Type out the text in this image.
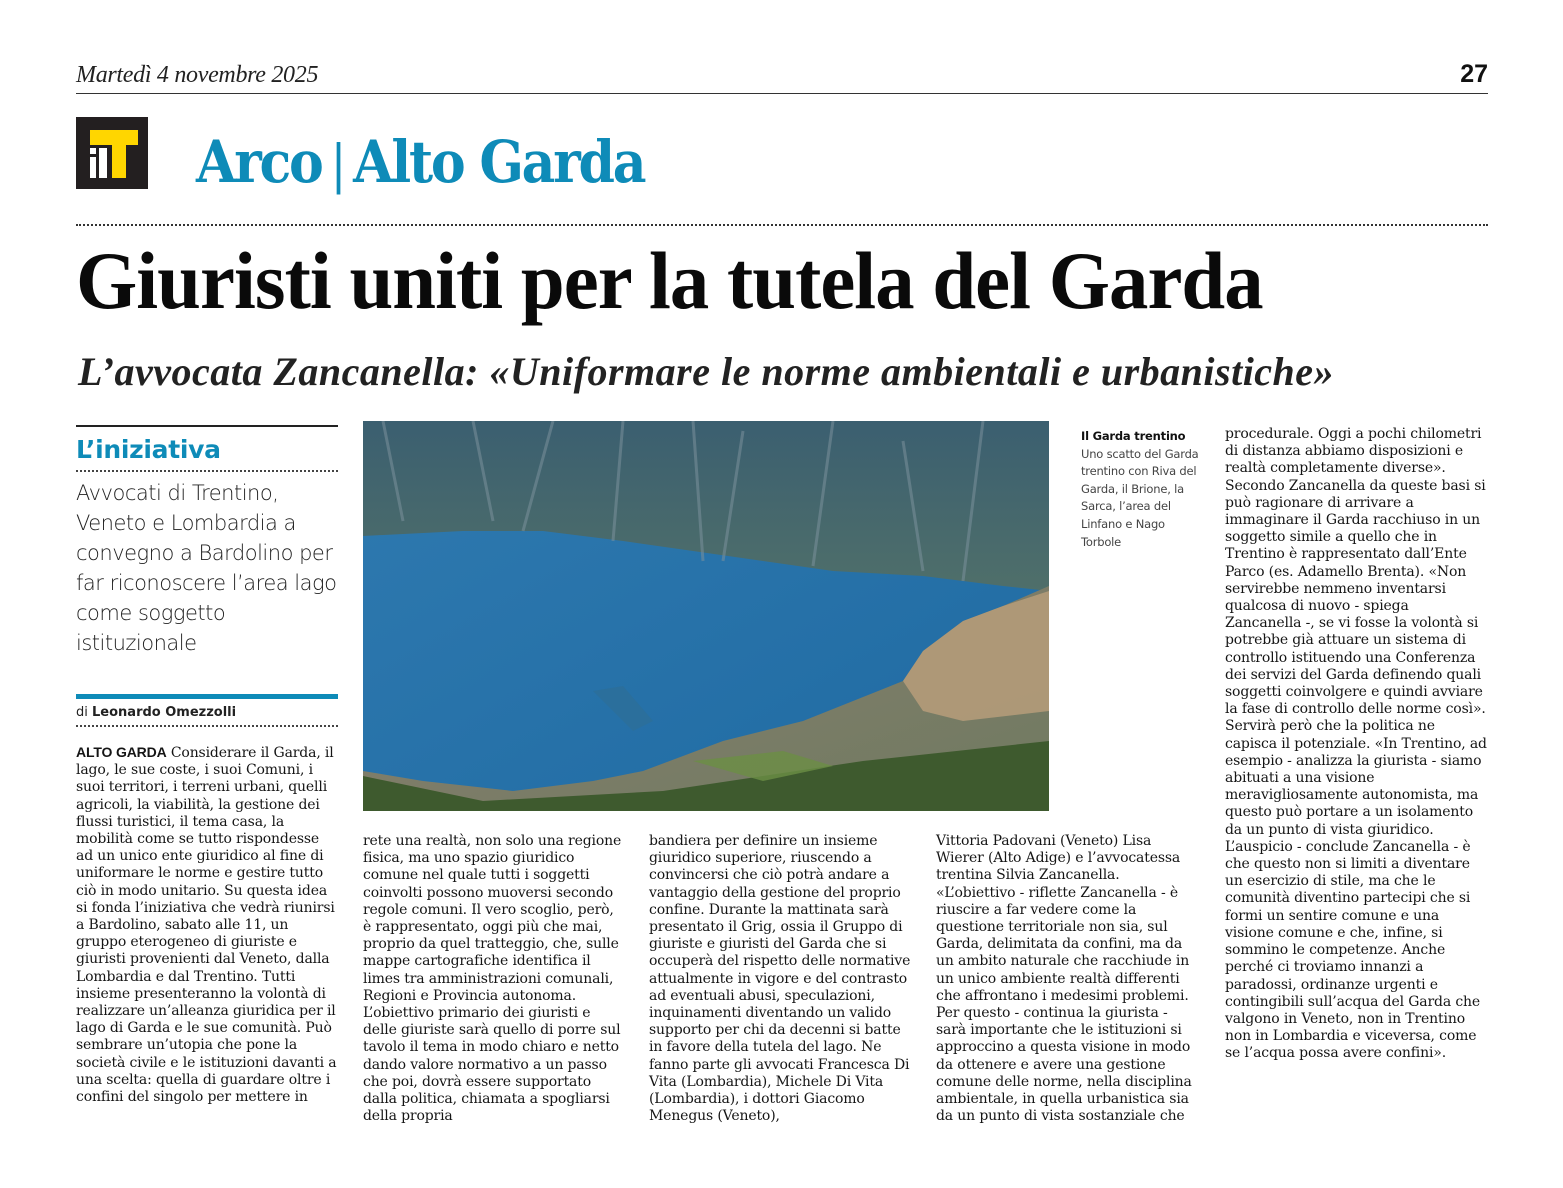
Martedì 4 novembre 2025	27
Arco | Alto Garda
Giuristi uniti per la tutela del Garda
L’avvocata Zancanella: «Uniformare le norme ambientali e urbanistiche»
L’iniziativa
Avvocati di Trentino, Veneto e Lombardia a convegno a Bardolino per far riconoscere l’area lago come soggetto istituzionale
di Leonardo Omezzolli
Il Garda trentino
Uno scatto del Garda trentino con Riva del Garda, il Brione, la Sarca, l’area del Linfano e Nago Torbole

ALTO GARDA Considerare il Garda, il lago, le sue coste, i suoi Comuni, i suoi territori, i terreni urbani, quelli agricoli, la viabilità, la gestione dei flussi turistici, il tema casa, la mobilità come se tutto rispondesse ad un unico ente giuridico al fine di uniformare le norme e gestire tutto ciò in modo unitario. Su questa idea si fonda l’iniziativa che vedrà riunirsi a Bardolino, sabato alle 11, un gruppo eterogeneo di giuriste e giuristi provenienti dal Veneto, dalla Lombardia e dal Trentino. Tutti insieme presenteranno la volontà di realizzare un’alleanza giuridica per il lago di Garda e le sue comunità. Può sembrare un’utopia che pone la società civile e le istituzioni davanti a una scelta: quella di guardare oltre i confini del singolo per mettere in

rete una realtà, non solo una regione fisica, ma uno spazio giuridico comune nel quale tutti i soggetti coinvolti possono muoversi secondo regole comuni. Il vero scoglio, però, è rappresentato, oggi più che mai, proprio da quel tratteggio, che, sulle mappe cartografiche identifica il limes tra amministrazioni comunali, Regioni e Provincia autonoma. L’obiettivo primario dei giuristi e delle giuriste sarà quello di porre sul tavolo il tema in modo chiaro e netto dando valore normativo a un passo che poi, dovrà essere supportato dalla politica, chiamata a spogliarsi della propria

bandiera per definire un insieme giuridico superiore, riuscendo a convincersi che ciò potrà andare a vantaggio della gestione del proprio confine. Durante la mattinata sarà presentato il Grig, ossia il Gruppo di giuriste e giuristi del Garda che si occuperà del rispetto delle normative attualmente in vigore e del contrasto ad eventuali abusi, speculazioni, inquinamenti diventando un valido supporto per chi da decenni si batte in favore della tutela del lago. Ne fanno parte gli avvocati Francesca Di Vita (Lombardia), Michele Di Vita (Lombardia), i dottori Giacomo Menegus (Veneto),

Vittoria Padovani (Veneto) Lisa Wierer (Alto Adige) e l’avvocatessa trentina Silvia Zancanella. «L’obiettivo - riflette Zancanella - è riuscire a far vedere come la questione territoriale non sia, sul Garda, delimitata da confini, ma da un ambito naturale che racchiude in un unico ambiente realtà differenti che affrontano i medesimi problemi. Per questo - continua la giurista - sarà importante che le istituzioni si approccino a questa visione in modo da ottenere e avere una gestione comune delle norme, nella disciplina ambientale, in quella urbanistica sia da un punto di vista sostanziale che

procedurale. Oggi a pochi chilometri di distanza abbiamo disposizioni e realtà completamente diverse». Secondo Zancanella da queste basi si può ragionare di arrivare a immaginare il Garda racchiuso in un soggetto simile a quello che in Trentino è rappresentato dall’Ente Parco (es. Adamello Brenta). «Non servirebbe nemmeno inventarsi qualcosa di nuovo - spiega Zancanella -, se vi fosse la volontà si potrebbe già attuare un sistema di controllo istituendo una Conferenza dei servizi del Garda definendo quali soggetti coinvolgere e quindi avviare la fase di controllo delle norme così». Servirà però che la politica ne capisca il potenziale. «In Trentino, ad esempio - analizza la giurista - siamo abituati a una visione meravigliosamente autonomista, ma questo può portare a un isolamento da un punto di vista giuridico. L’auspicio - conclude Zancanella - è che questo non si limiti a diventare un esercizio di stile, ma che le comunità diventino partecipi che si formi un sentire comune e una visione comune e che, infine, si sommino le competenze. Anche perché ci troviamo innanzi a paradossi, ordinanze urgenti e contingibili sull’acqua del Garda che valgono in Veneto, non in Trentino non in Lombardia e viceversa, come se l’acqua possa avere confini».
